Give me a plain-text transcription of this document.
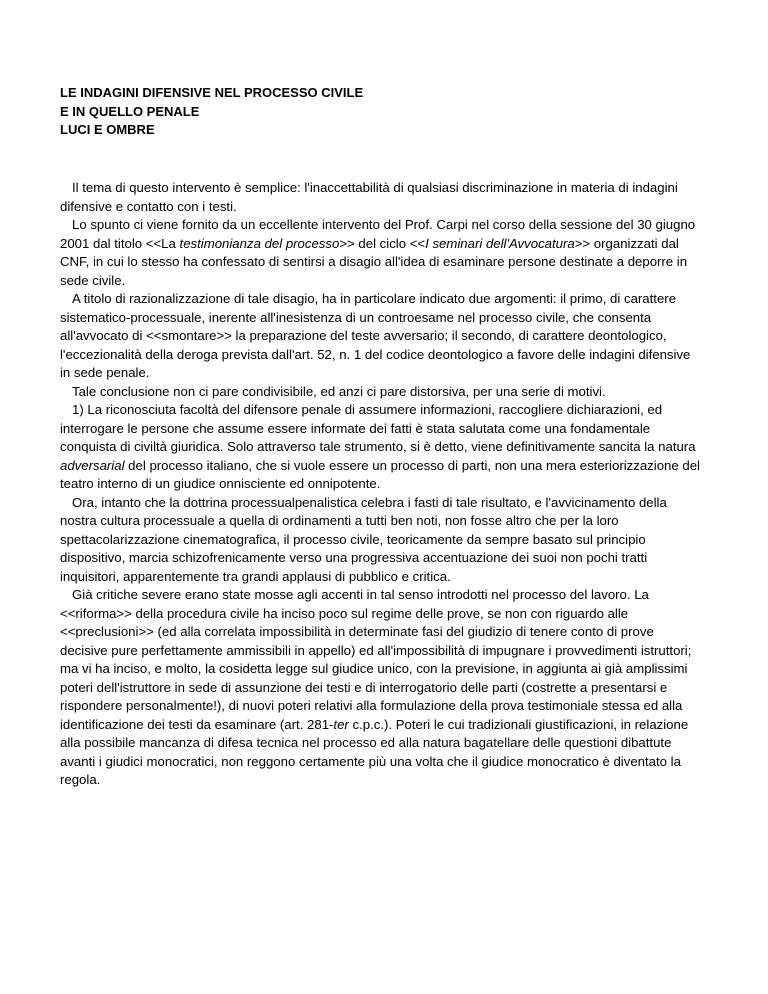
LE INDAGINI DIFENSIVE NEL PROCESSO CIVILE
E IN QUELLO PENALE
LUCI E OMBRE

Il tema di questo intervento è semplice: l'inaccettabilità di qualsiasi discriminazione in materia di indagini difensive e contatto con i testi.

Lo spunto ci viene fornito da un eccellente intervento del Prof. Carpi nel corso della sessione del 30 giugno 2001 dal titolo <<La testimonianza del processo>> del ciclo <<I seminari dell'Avvocatura>> organizzati dal CNF, in cui lo stesso ha confessato di sentirsi a disagio all'idea di esaminare persone destinate a deporre in sede civile.

A titolo di razionalizzazione di tale disagio, ha in particolare indicato due argomenti: il primo, di carattere sistematico-processuale, inerente all'inesistenza di un controesame nel processo civile, che consenta all'avvocato di <<smontare>> la preparazione del teste avversario; il secondo, di carattere deontologico, l'eccezionalità della deroga prevista dall'art. 52, n. 1 del codice deontologico a favore delle indagini difensive in sede penale.

Tale conclusione non ci pare condivisibile, ed anzi ci pare distorsiva, per una serie di motivi.

1) La riconosciuta facoltà del difensore penale di assumere informazioni, raccogliere dichiarazioni, ed interrogare le persone che assume essere informate dei fatti è stata salutata come una fondamentale conquista di civiltà giuridica. Solo attraverso tale strumento, si è detto, viene definitivamente sancita la natura adversarial del processo italiano, che si vuole essere un processo di parti, non una mera esteriorizzazione del teatro interno di un giudice onnisciente ed onnipotente.

Ora, intanto che la dottrina processualpenalistica celebra i fasti di tale risultato, e l'avvicinamento della nostra cultura processuale a quella di ordinamenti a tutti ben noti, non fosse altro che per la loro spettacolarizzazione cinematografica, il processo civile, teoricamente da sempre basato sul principio dispositivo, marcia schizofrenicamente verso una progressiva accentuazione dei suoi non pochi tratti inquisitori, apparentemente tra grandi applausi di pubblico e critica.

Già critiche severe erano state mosse agli accenti in tal senso introdotti nel processo del lavoro. La <<riforma>> della procedura civile ha inciso poco sul regime delle prove, se non con riguardo alle <<preclusioni>> (ed alla correlata impossibilità in determinate fasi del giudizio di tenere conto di prove decisive pure perfettamente ammissibili in appello) ed all'impossibilità di impugnare i provvedimenti istruttori; ma vi ha inciso, e molto, la cosidetta legge sul giudice unico, con la previsione, in aggiunta ai già amplissimi poteri dell'istruttore in sede di assunzione dei testi e di interrogatorio delle parti (costrette a presentarsi e rispondere personalmente!), di nuovi poteri relativi alla formulazione della prova testimoniale stessa ed alla identificazione dei testi da esaminare (art. 281-ter c.p.c.). Poteri le cui tradizionali giustificazioni, in relazione alla possibile mancanza di difesa tecnica nel processo ed alla natura bagatellare delle questioni dibattute avanti i giudici monocratici, non reggono certamente più una volta che il giudice monocratico è diventato la regola.
